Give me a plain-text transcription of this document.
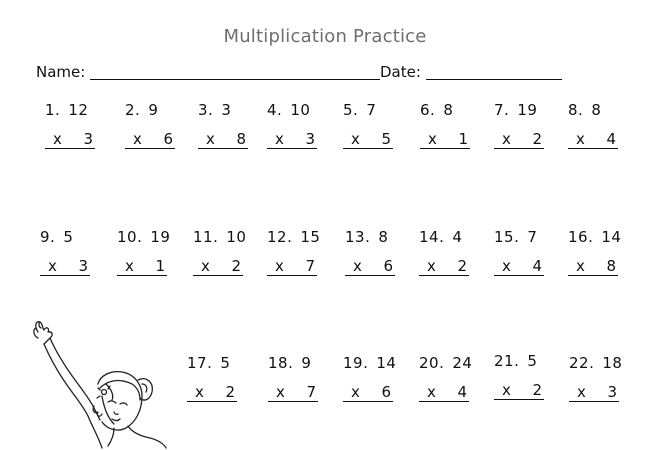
Multiplication Practice
Name:	Date:
1. 12
x 3
2. 9
x 6
3. 3
x 8
4. 10
x 3
5. 7
x 5
6. 8
x 1
7. 19
x 2
8. 8
x 4
9. 5
x 3
10. 19
x 1
11. 10
x 2
12. 15
x 7
13. 8
x 6
14. 4
x 2
15. 7
x 4
16. 14
x 8
17. 5
x 2
18. 9
x 7
19. 14
x 6
20. 24
x 4
21. 5
x 2
22. 18
x 3
